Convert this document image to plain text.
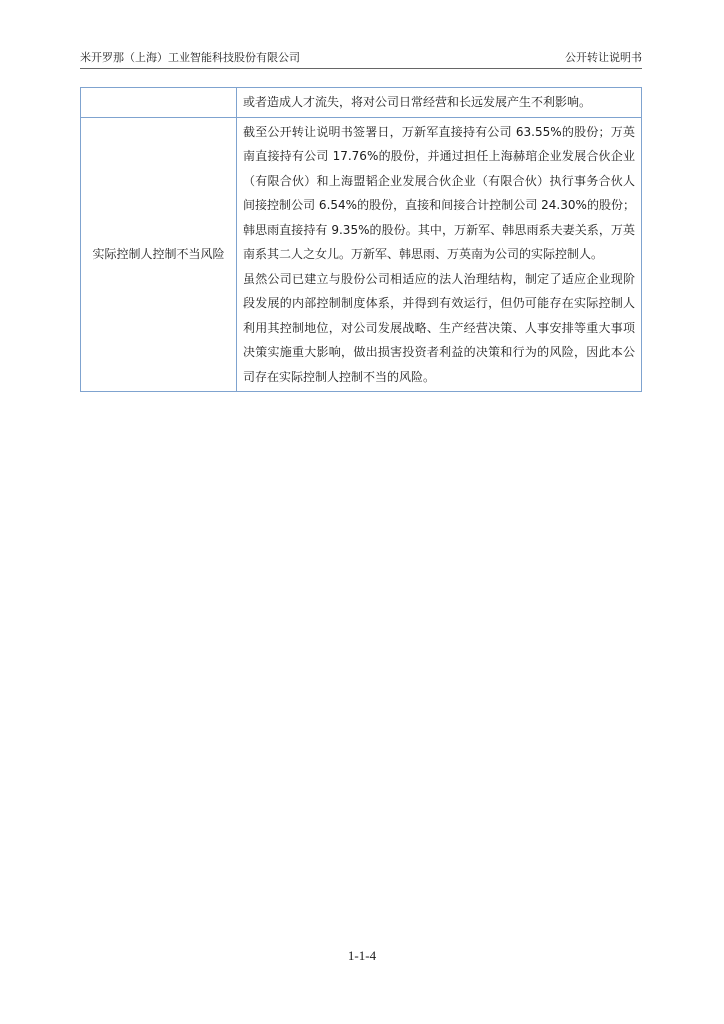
米开罗那（上海）工业智能科技股份有限公司	公开转让说明书

或者造成人才流失，将对公司日常经营和长远发展产生不利影响。

实际控制人控制不当风险

截至公开转让说明书签署日，万新军直接持有公司 63.55%的股份；万英南直接持有公司 17.76%的股份，并通过担任上海赫琯企业发展合伙企业（有限合伙）和上海盟韬企业发展合伙企业（有限合伙）执行事务合伙人间接控制公司 6.54%的股份，直接和间接合计控制公司 24.30%的股份；韩思雨直接持有 9.35%的股份。其中，万新军、韩思雨系夫妻关系，万英南系其二人之女儿。万新军、韩思雨、万英南为公司的实际控制人。

虽然公司已建立与股份公司相适应的法人治理结构，制定了适应企业现阶段发展的内部控制制度体系，并得到有效运行，但仍可能存在实际控制人利用其控制地位，对公司发展战略、生产经营决策、人事安排等重大事项决策实施重大影响，做出损害投资者利益的决策和行为的风险，因此本公司存在实际控制人控制不当的风险。

1-1-4
